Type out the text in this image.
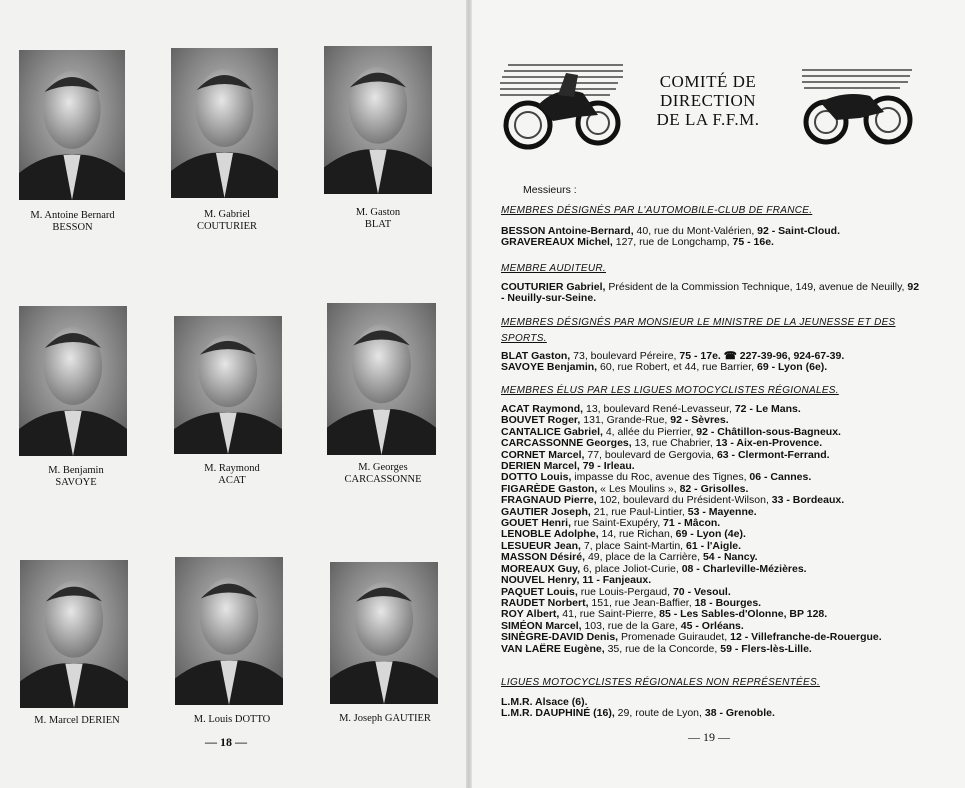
M. Antoine Bernard
BESSON
M. Gabriel
COUTURIER
M. Gaston
BLAT
M. Benjamin
SAVOYE
M. Raymond
ACAT
M. Georges
CARCASSONNE
M. Marcel DERIEN	M. Louis DOTTO	M. Joseph GAUTIER
— 18 —
COMITÉ DE
DIRECTION
DE LA F.F.M.
Messieurs :
MEMBRES DÉSIGNÉS PAR L'AUTOMOBILE-CLUB DE FRANCE.
BESSON Antoine-Bernard, 40, rue du Mont-Valérien, 92 - Saint-Cloud.
GRAVEREAUX Michel, 127, rue de Longchamp, 75 - 16e.
MEMBRE AUDITEUR.
COUTURIER Gabriel, Président de la Commission Technique, 149, avenue de Neuilly, 92 - Neuilly-sur-Seine.
MEMBRES DÉSIGNÉS PAR MONSIEUR LE MINISTRE DE LA JEUNESSE ET DES SPORTS.
BLAT Gaston, 73, boulevard Péreire, 75 - 17e. ☎ 227-39-96, 924-67-39.
SAVOYE Benjamin, 60, rue Robert, et 44, rue Barrier, 69 - Lyon (6e).
MEMBRES ÉLUS PAR LES LIGUES MOTOCYCLISTES RÉGIONALES.
ACAT Raymond, 13, boulevard René-Levasseur, 72 - Le Mans.
BOUVET Roger, 131, Grande-Rue, 92 - Sèvres.
CANTALICE Gabriel, 4, allée du Pierrier, 92 - Châtillon-sous-Bagneux.
CARCASSONNE Georges, 13, rue Chabrier, 13 - Aix-en-Provence.
CORNET Marcel, 77, boulevard de Gergovia, 63 - Clermont-Ferrand.
DERIEN Marcel, 79 - Irleau.
DOTTO Louis, impasse du Roc, avenue des Tignes, 06 - Cannes.
FIGARÈDE Gaston, « Les Moulins », 82 - Grisolles.
FRAGNAUD Pierre, 102, boulevard du Président-Wilson, 33 - Bordeaux.
GAUTIER Joseph, 21, rue Paul-Lintier, 53 - Mayenne.
GOUET Henri, rue Saint-Exupéry, 71 - Mâcon.
LENOBLE Adolphe, 14, rue Richan, 69 - Lyon (4e).
LESUEUR Jean, 7, place Saint-Martin, 61 - l'Aigle.
MASSON Désiré, 49, place de la Carrière, 54 - Nancy.
MOREAUX Guy, 6, place Joliot-Curie, 08 - Charleville-Mézières.
NOUVEL Henry, 11 - Fanjeaux.
PAQUET Louis, rue Louis-Pergaud, 70 - Vesoul.
RAUDET Norbert, 151, rue Jean-Baffier, 18 - Bourges.
ROY Albert, 41, rue Saint-Pierre, 85 - Les Sables-d'Olonne, BP 128.
SIMÉON Marcel, 103, rue de la Gare, 45 - Orléans.
SINÈGRE-DAVID Denis, Promenade Guiraudet, 12 - Villefranche-de-Rouergue.
VAN LAËRE Eugène, 35, rue de la Concorde, 59 - Flers-lès-Lille.
LIGUES MOTOCYCLISTES RÉGIONALES NON REPRÉSENTÉES.
L.M.R. Alsace (6).
L.M.R. DAUPHINÉ (16), 29, route de Lyon, 38 - Grenoble.
— 19 —
